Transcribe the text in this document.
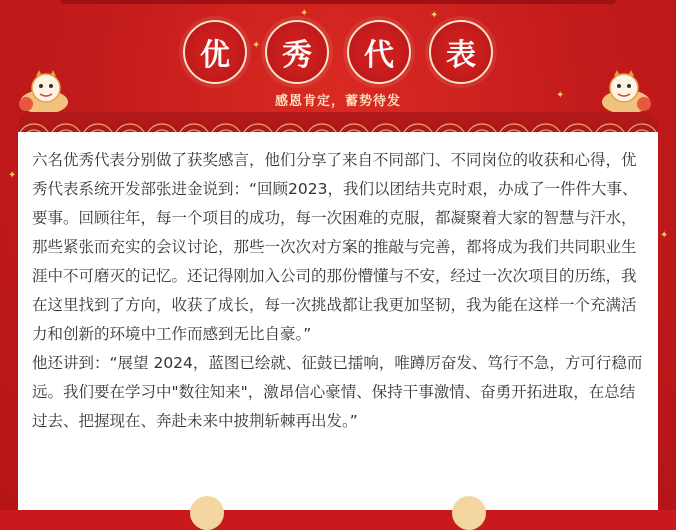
✦	✦
✦
✦
✦
✦
优	秀	代	表
感恩肯定，蓄势待发

六名优秀代表分别做了获奖感言，他们分享了来自不同部门、不同岗位的收获和心得，优秀代表系统开发部张进金说到：“回顾2023，我们以团结共克时艰，办成了一件件大事、要事。回顾往年，每一个项目的成功，每一次困难的克服，都凝聚着大家的智慧与汗水，那些紧张而充实的会议讨论，那些一次次对方案的推敲与完善，都将成为我们共同职业生涯中不可磨灭的记忆。还记得刚加入公司的那份懵懂与不安，经过一次次项目的历练，我在这里找到了方向，收获了成长，每一次挑战都让我更加坚韧，我为能在这样一个充满活力和创新的环境中工作而感到无比自豪。”

他还讲到：“展望 2024，蓝图已绘就、征鼓已擂响，唯蹲厉奋发、笃行不急，方可行稳而远。我们要在学习中"数往知来"，激昂信心豪情、保持干事激情、奋勇开拓进取，在总结过去、把握现在、奔赴未来中披荆斩棘再出发。”
